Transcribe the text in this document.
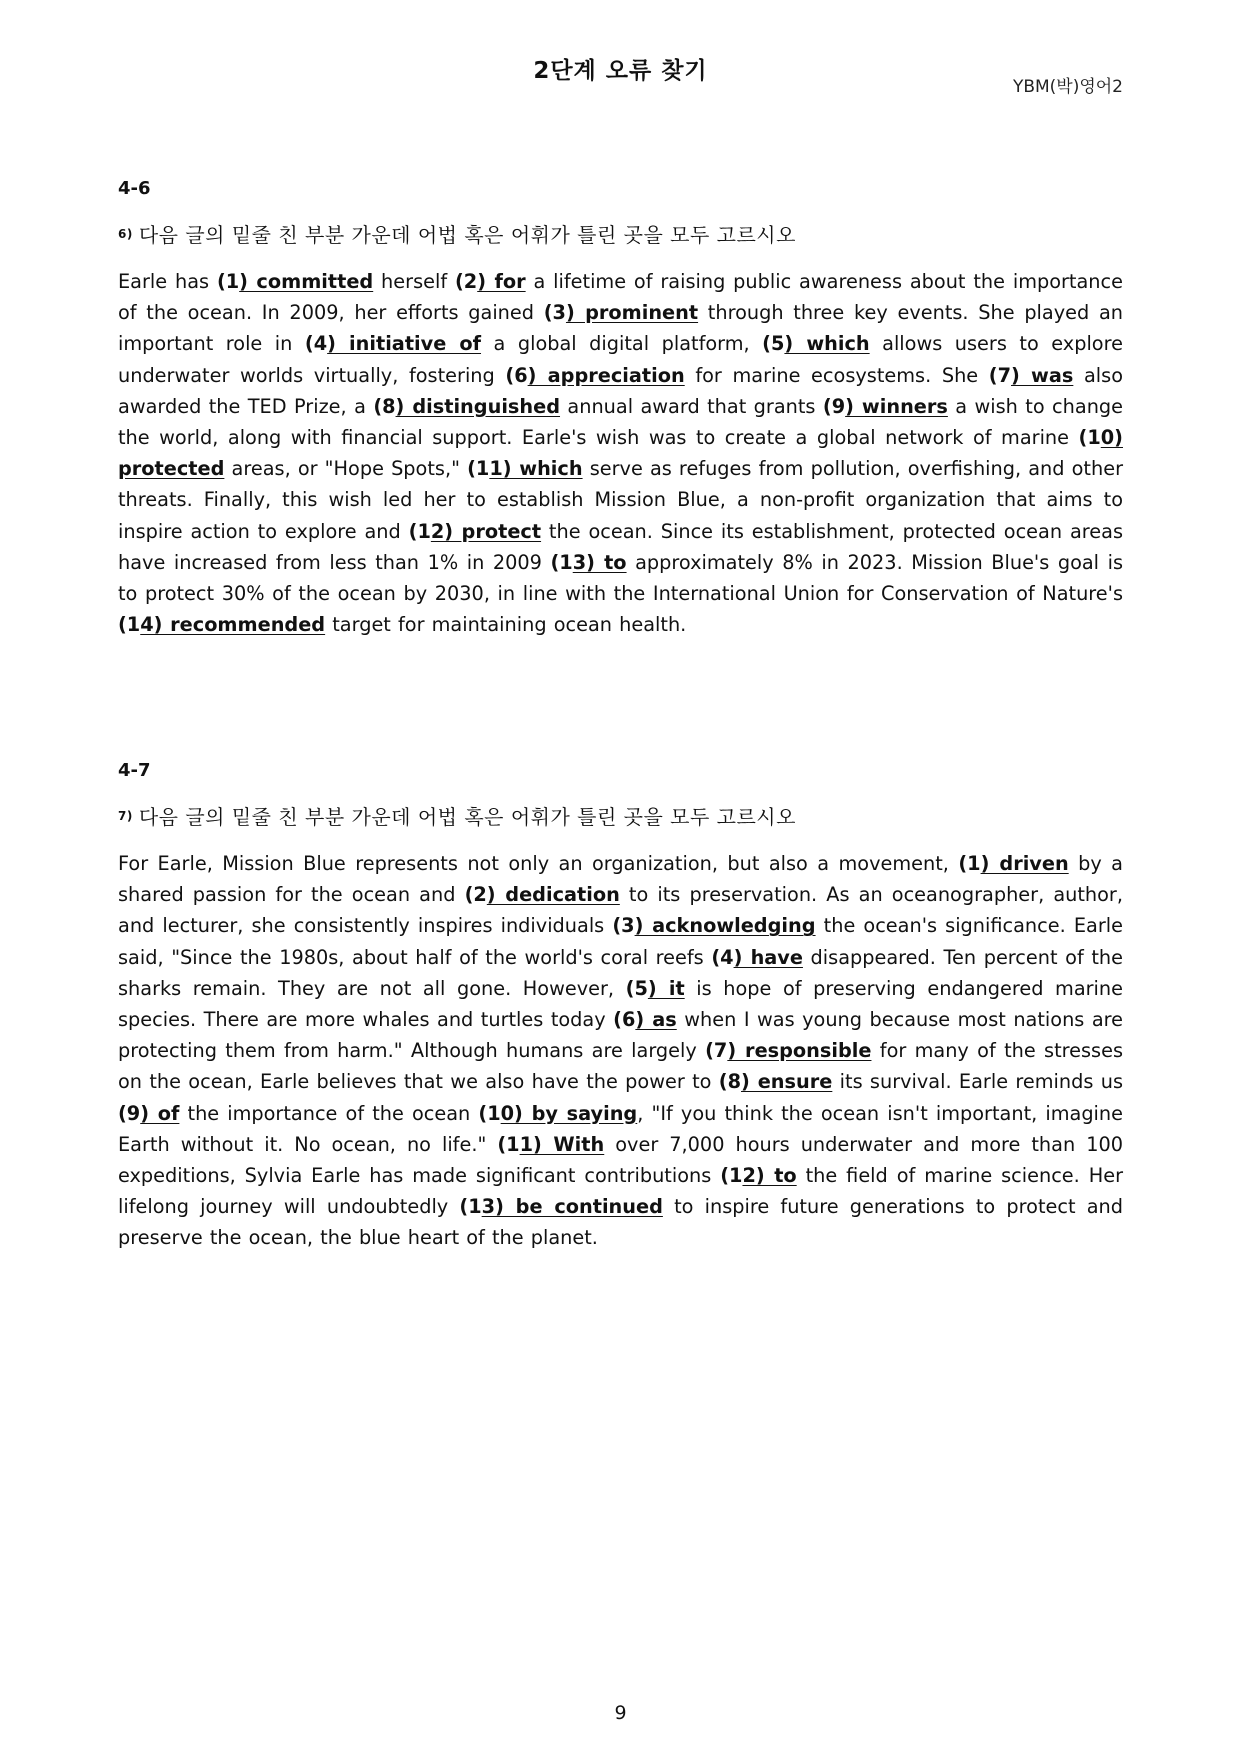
2단계 오류 찾기
YBM(박)영어2
4-6
$^{6)}$ 다음 글의 밑줄 친 부분 가운데 어법 혹은 어휘가 틀린 곳을 모두 고르시오

Earle has (1) committed herself (2) for a lifetime of raising public awareness about the importance of the ocean. In 2009, her efforts gained (3) prominent through three key events. She played an important role in (4) initiative of a global digital platform, (5) which allows users to explore underwater worlds virtually, fostering (6) appreciation for marine ecosystems. She (7) was also awarded the TED Prize, a (8) distinguished annual award that grants (9) winners a wish to change the world, along with financial support. Earle's wish was to create a global network of marine (10) protected areas, or "Hope Spots," (11) which serve as refuges from pollution, overfishing, and other threats. Finally, this wish led her to establish Mission Blue, a non-profit organization that aims to inspire action to explore and (12) protect the ocean. Since its establishment, protected ocean areas have increased from less than 1% in 2009 (13) to approximately 8% in 2023. Mission Blue's goal is to protect 30% of the ocean by 2030, in line with the International Union for Conservation of Nature's (14) recommended target for maintaining ocean health.

4-7
$^{7)}$ 다음 글의 밑줄 친 부분 가운데 어법 혹은 어휘가 틀린 곳을 모두 고르시오

For Earle, Mission Blue represents not only an organization, but also a movement, (1) driven by a shared passion for the ocean and (2) dedication to its preservation. As an oceanographer, author, and lecturer, she consistently inspires individuals (3) acknowledging the ocean's significance. Earle said, "Since the 1980s, about half of the world's coral reefs (4) have disappeared. Ten percent of the sharks remain. They are not all gone. However, (5) it is hope of preserving endangered marine species. There are more whales and turtles today (6) as when I was young because most nations are protecting them from harm." Although humans are largely (7) responsible for many of the stresses on the ocean, Earle believes that we also have the power to (8) ensure its survival. Earle reminds us (9) of the importance of the ocean (10) by saying, "If you think the ocean isn't important, imagine Earth without it. No ocean, no life." (11) With over 7,000 hours underwater and more than 100 expeditions, Sylvia Earle has made significant contributions (12) to the field of marine science. Her lifelong journey will undoubtedly (13) be continued to inspire future generations to protect and preserve the ocean, the blue heart of the planet.

9
